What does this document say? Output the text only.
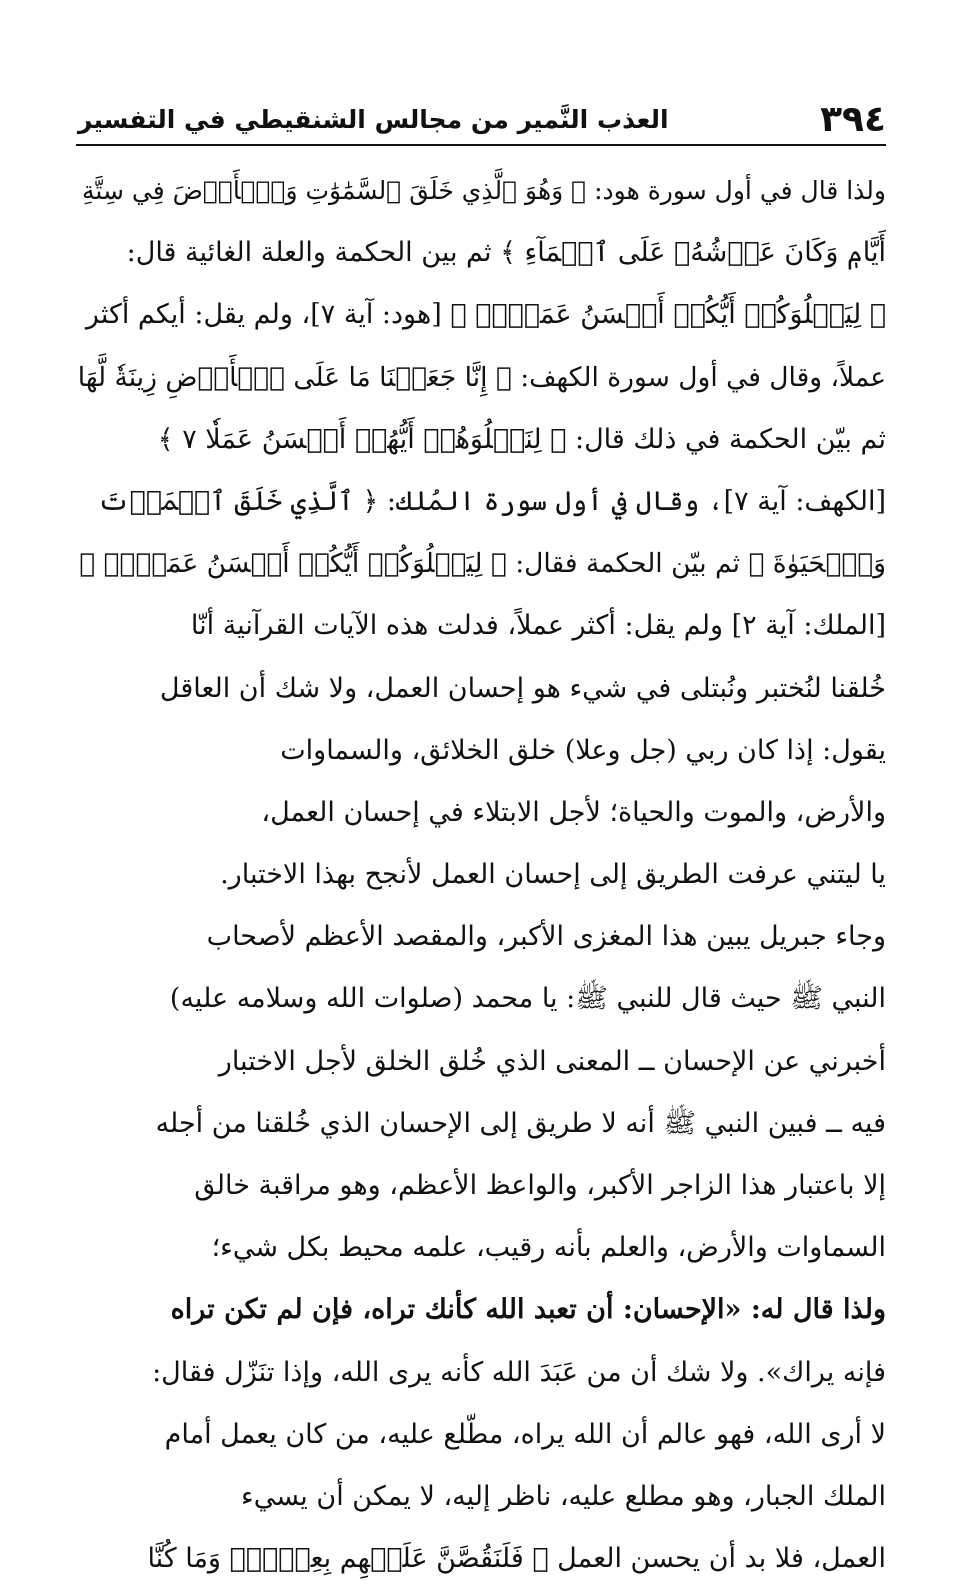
٣٩٤
العذب النَّمير من مجالس الشنقيطي في التفسير
ولذا قال في أول سورة هود: ﴿ وَهُوَ ٱلَّذِي خَلَقَ ٱلسَّمَٰوَٰتِ وَٱلۡأَرۡضَ فِي سِتَّةِ
أَيَّامٖ وَكَانَ عَرۡشُهُۥ عَلَى ٱلۡمَآءِ ﴾ ثم بين الحكمة والعلة الغائية قال:
﴿ لِيَبۡلُوَكُمۡ أَيُّكُمۡ أَحۡسَنُ عَمَلٗاۗ ﴾ [هود: آية ٧]، ولم يقل: أيكم أكثر
عملاً، وقال في أول سورة الكهف: ﴿ إِنَّا جَعَلۡنَا مَا عَلَى ٱلۡأَرۡضِ زِينَةٗ لَّهَا
ثم بيّن الحكمة في ذلك قال: ﴿ لِنَبۡلُوَهُمۡ أَيُّهُمۡ أَحۡسَنُ عَمَلٗا ٧ ﴾
[الكهف: آية ٧]، وقال في أول سورة المُلك: ﴿ ٱلَّذِي خَلَقَ ٱلۡمَوۡتَ
وَٱلۡحَيَوٰةَ ﴾ ثم بيّن الحكمة فقال: ﴿ لِيَبۡلُوَكُمۡ أَيُّكُمۡ أَحۡسَنُ عَمَلٗاۚ ﴾
[الملك: آية ٢] ولم يقل: أكثر عملاً، فدلت هذه الآيات القرآنية أنّا
خُلقنا لنُختبر ونُبتلى في شيء هو إحسان العمل، ولا شك أن العاقل
يقول: إذا كان ربي (جل وعلا) خلق الخلائق، والسماوات
والأرض، والموت والحياة؛ لأجل الابتلاء في إحسان العمل،
يا ليتني عرفت الطريق إلى إحسان العمل لأنجح بهذا الاختبار.
وجاء جبريل يبين هذا المغزى الأكبر، والمقصد الأعظم لأصحاب
النبي ﷺ حيث قال للنبي ﷺ: يا محمد (صلوات الله وسلامه عليه)
أخبرني عن الإحسان ــ المعنى الذي خُلق الخلق لأجل الاختبار
فيه ــ فبين النبي ﷺ أنه لا طريق إلى الإحسان الذي خُلقنا من أجله
إلا باعتبار هذا الزاجر الأكبر، والواعظ الأعظم، وهو مراقبة خالق
السماوات والأرض، والعلم بأنه رقيب، علمه محيط بكل شيء؛
ولذا قال له: «الإحسان: أن تعبد الله كأنك تراه، فإن لم تكن تراه
فإنه يراك». ولا شك أن من عَبَدَ الله كأنه يرى الله، وإذا تنَزّل فقال:
لا أرى الله، فهو عالم أن الله يراه، مطّلع عليه، من كان يعمل أمام
الملك الجبار، وهو مطلع عليه، ناظر إليه، لا يمكن أن يسيء
العمل، فلا بد أن يحسن العمل ﴿ فَلَنَقُصَّنَّ عَلَيۡهِم بِعِلۡمٖۖ وَمَا كُنَّا
